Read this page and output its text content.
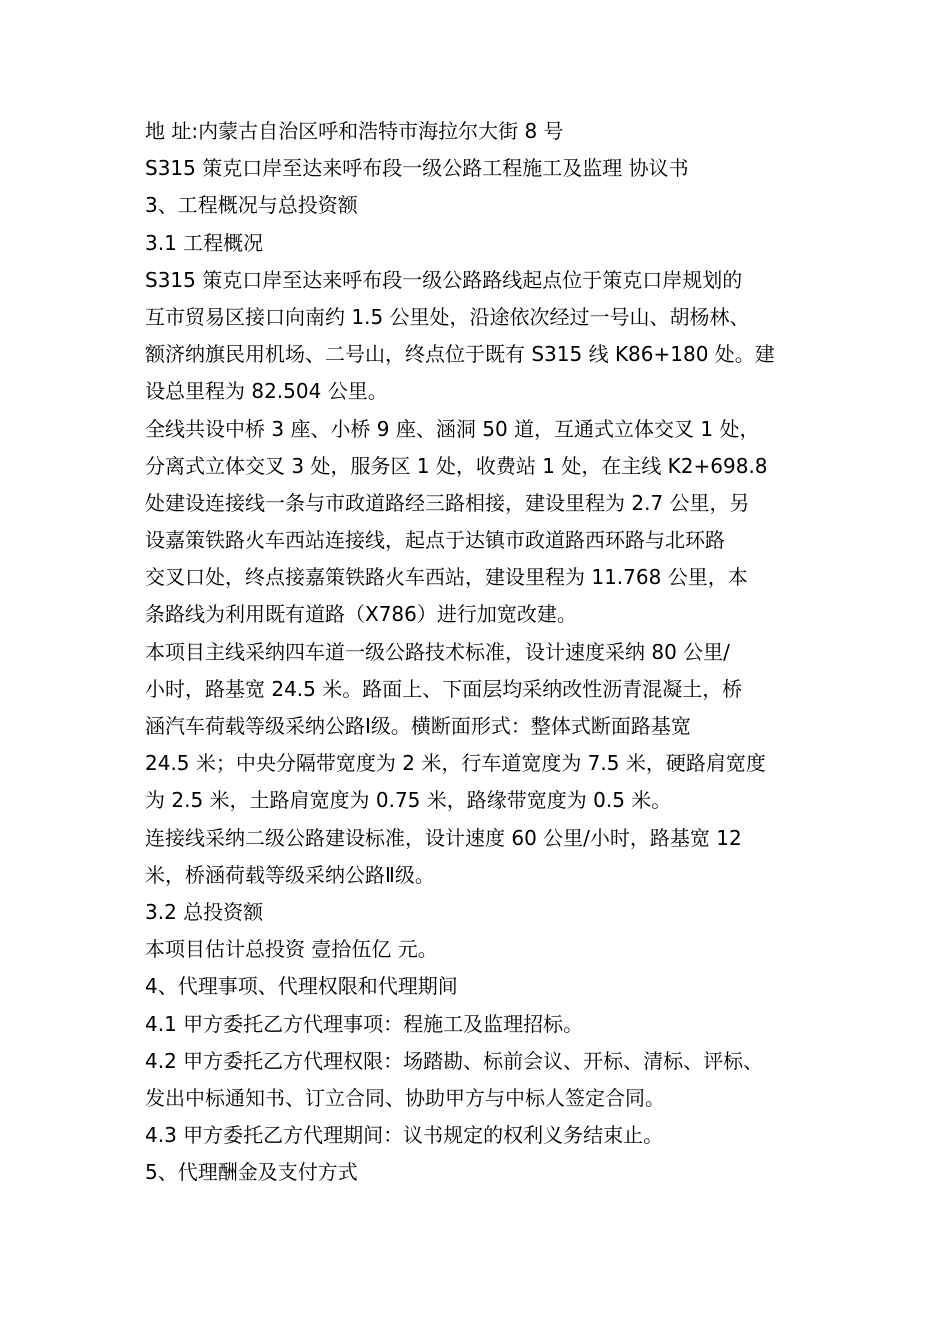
地 址:内蒙古自治区呼和浩特市海拉尔大街 8 号
S315 策克口岸至达来呼布段一级公路工程施工及监理 协议书
3、工程概况与总投资额
3.1 工程概况
S315 策克口岸至达来呼布段一级公路路线起点位于策克口岸规划的
互市贸易区接口向南约 1.5 公里处，沿途依次经过一号山、胡杨林、
额济纳旗民用机场、二号山，终点位于既有 S315 线 K86+180 处。建
设总里程为 82.504 公里。
全线共设中桥 3 座、小桥 9 座、涵洞 50 道，互通式立体交叉 1 处，
分离式立体交叉 3 处，服务区 1 处，收费站 1 处，在主线 K2+698.8
处建设连接线一条与市政道路经三路相接，建设里程为 2.7 公里，另
设嘉策铁路火车西站连接线，起点于达镇市政道路西环路与北环路
交叉口处，终点接嘉策铁路火车西站，建设里程为 11.768 公里，本
条路线为利用既有道路（X786）进行加宽改建。
本项目主线采纳四车道一级公路技术标准，设计速度采纳 80 公里/
小时，路基宽 24.5 米。路面上、下面层均采纳改性沥青混凝土，桥
涵汽车荷载等级采纳公路Ⅰ级。横断面形式：整体式断面路基宽
24.5 米；中央分隔带宽度为 2 米，行车道宽度为 7.5 米，硬路肩宽度
为 2.5 米，土路肩宽度为 0.75 米，路缘带宽度为 0.5 米。
连接线采纳二级公路建设标准，设计速度 60 公里/小时，路基宽 12
米，桥涵荷载等级采纳公路Ⅱ级。
3.2 总投资额
本项目估计总投资 壹拾伍亿 元。
4、代理事项、代理权限和代理期间
4.1 甲方委托乙方代理事项：程施工及监理招标。
4.2 甲方委托乙方代理权限：场踏勘、标前会议、开标、清标、评标、
发出中标通知书、订立合同、协助甲方与中标人签定合同。
4.3 甲方委托乙方代理期间：议书规定的权利义务结束止。
5、代理酬金及支付方式
